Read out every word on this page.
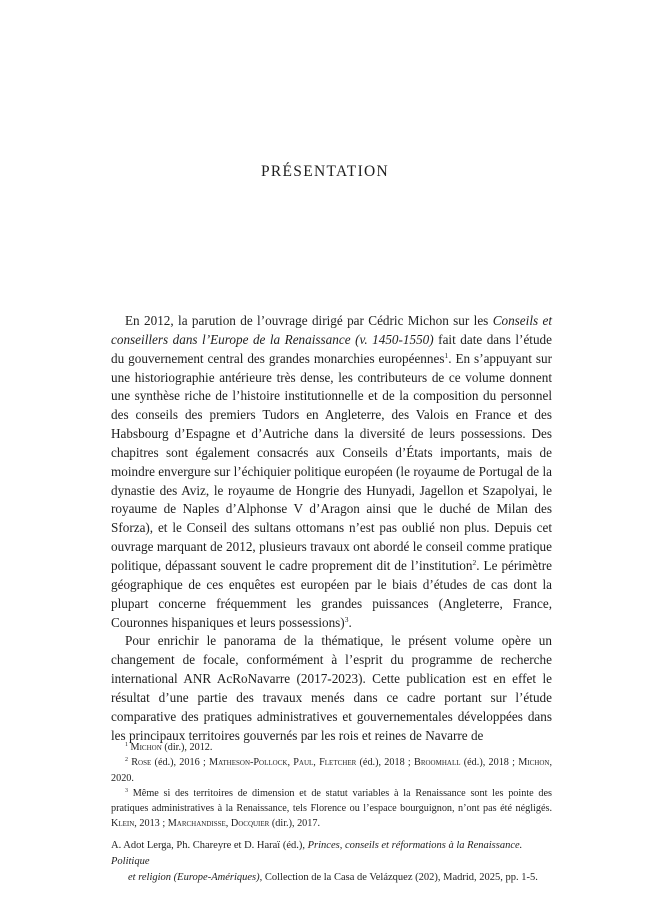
PRÉSENTATION

En 2012, la parution de l’ouvrage dirigé par Cédric Michon sur les Conseils et conseillers dans l’Europe de la Renaissance (v. 1450-1550) fait date dans l’étude du gouvernement central des grandes monarchies européennes$^1$. En s’appuyant sur une historiographie antérieure très dense, les contributeurs de ce volume donnent une synthèse riche de l’histoire institutionnelle et de la composition du personnel des conseils des premiers Tudors en Angleterre, des Valois en France et des Habsbourg d’Espagne et d’Autriche dans la diversité de leurs possessions. Des chapitres sont également consacrés aux Conseils d’États importants, mais de moindre envergure sur l’échiquier politique européen (le royaume de Portugal de la dynastie des Aviz, le royaume de Hongrie des Hunyadi, Jagellon et Szapolyai, le royaume de Naples d’Alphonse V d’Aragon ainsi que le duché de Milan des Sforza), et le Conseil des sultans ottomans n’est pas oublié non plus. Depuis cet ouvrage marquant de 2012, plusieurs travaux ont abordé le conseil comme pratique politique, dépassant souvent le cadre proprement dit de l’institution$^2$. Le périmètre géographique de ces enquêtes est européen par le biais d’études de cas dont la plupart concerne fréquemment les grandes puissances (Angleterre, France, Couronnes hispaniques et leurs possessions)$^3$.

Pour enrichir le panorama de la thématique, le présent volume opère un changement de focale, conformément à l’esprit du programme de recherche international ANR AcRoNavarre (2017-2023). Cette publication est en effet le résultat d’une partie des travaux menés dans ce cadre portant sur l’étude comparative des pratiques administratives et gouvernementales développées dans les principaux territoires gouvernés par les rois et reines de Navarre de

$^1$ Michon (dir.), 2012.

$^2$ Rose (éd.), 2016 ; Matheson-Pollock, Paul, Fletcher (éd.), 2018 ; Broomhall (éd.), 2018 ; Michon, 2020.

$^3$ Même si des territoires de dimension et de statut variables à la Renaissance sont les pointe des pratiques administratives à la Renaissance, tels Florence ou l’espace bourguignon, n’ont pas été négligés. Klein, 2013 ; Marchandisse, Docquier (dir.), 2017.

A. Adot Lerga, Ph. Chareyre et D. Haraï (éd.), Princes, conseils et réformations à la Renaissance. Politique

et religion (Europe-Amériques), Collection de la Casa de Velázquez (202), Madrid, 2025, pp. 1-5.
